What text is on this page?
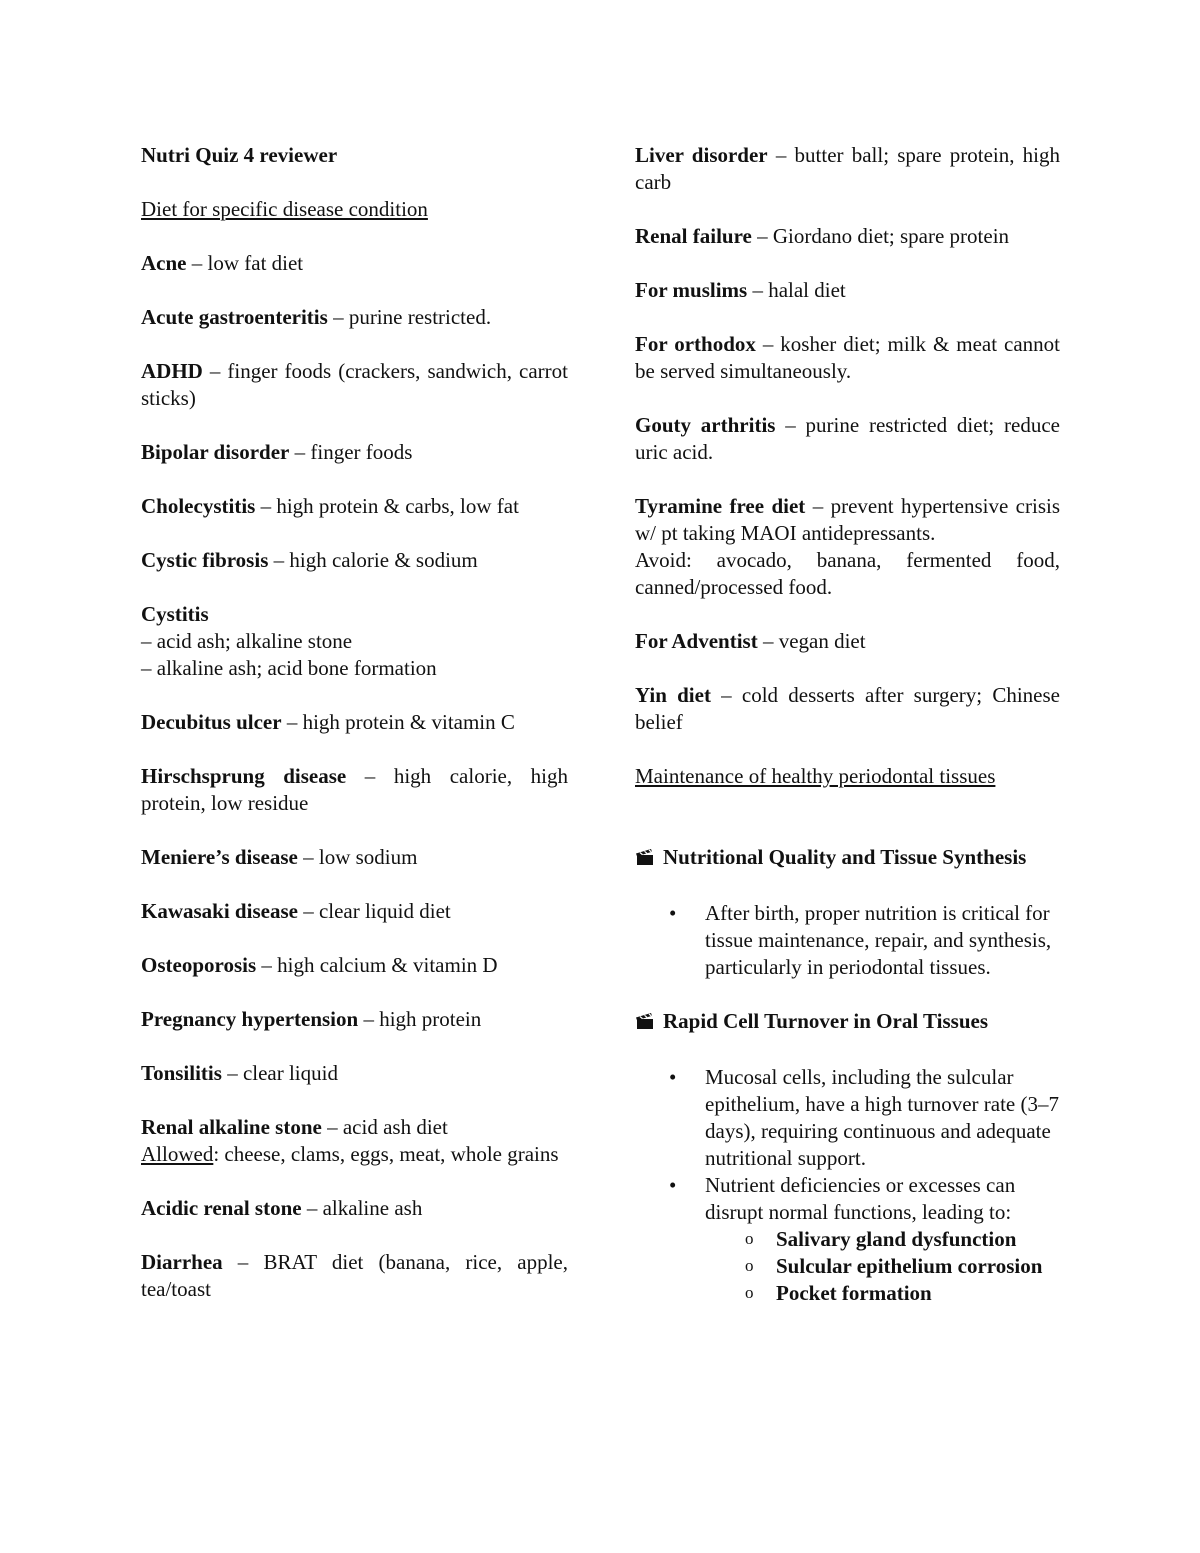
Nutri Quiz 4 reviewer

Diet for specific disease condition

Acne – low fat diet

Acute gastroenteritis – purine restricted.

ADHD – finger foods (crackers, sandwich, carrot sticks)

Bipolar disorder – finger foods

Cholecystitis – high protein & carbs, low fat

Cystic fibrosis – high calorie & sodium

Cystitis
– acid ash; alkaline stone
– alkaline ash; acid bone formation

Decubitus ulcer – high protein & vitamin C

Hirschsprung disease – high calorie, high protein, low residue

Meniere’s disease – low sodium

Kawasaki disease – clear liquid diet

Osteoporosis – high calcium & vitamin D

Pregnancy hypertension – high protein

Tonsilitis – clear liquid

Renal alkaline stone – acid ash diet
Allowed: cheese, clams, eggs, meat, whole grains

Acidic renal stone – alkaline ash

Diarrhea – BRAT diet (banana, rice, apple, tea/toast

Liver disorder – butter ball; spare protein, high carb

Renal failure – Giordano diet; spare protein

For muslims – halal diet

For orthodox – kosher diet; milk & meat cannot be served simultaneously.

Gouty arthritis – purine restricted diet; reduce uric acid.

Tyramine free diet – prevent hypertensive crisis w/ pt taking MAOI antidepressants.
Avoid: avocado, banana, fermented food, canned/processed food.

For Adventist – vegan diet

Yin diet – cold desserts after surgery; Chinese belief

Maintenance of healthy periodontal tissues

Nutritional Quality and Tissue Synthesis
• After birth, proper nutrition is critical for tissue maintenance, repair, and synthesis, particularly in periodontal tissues.
Rapid Cell Turnover in Oral Tissues
• Mucosal cells, including the sulcular epithelium, have a high turnover rate (3–7 days), requiring continuous and adequate nutritional support.
• Nutrient deficiencies or excesses can disrupt normal functions, leading to:
o Salivary gland dysfunction
o Sulcular epithelium corrosion
o Pocket formation
